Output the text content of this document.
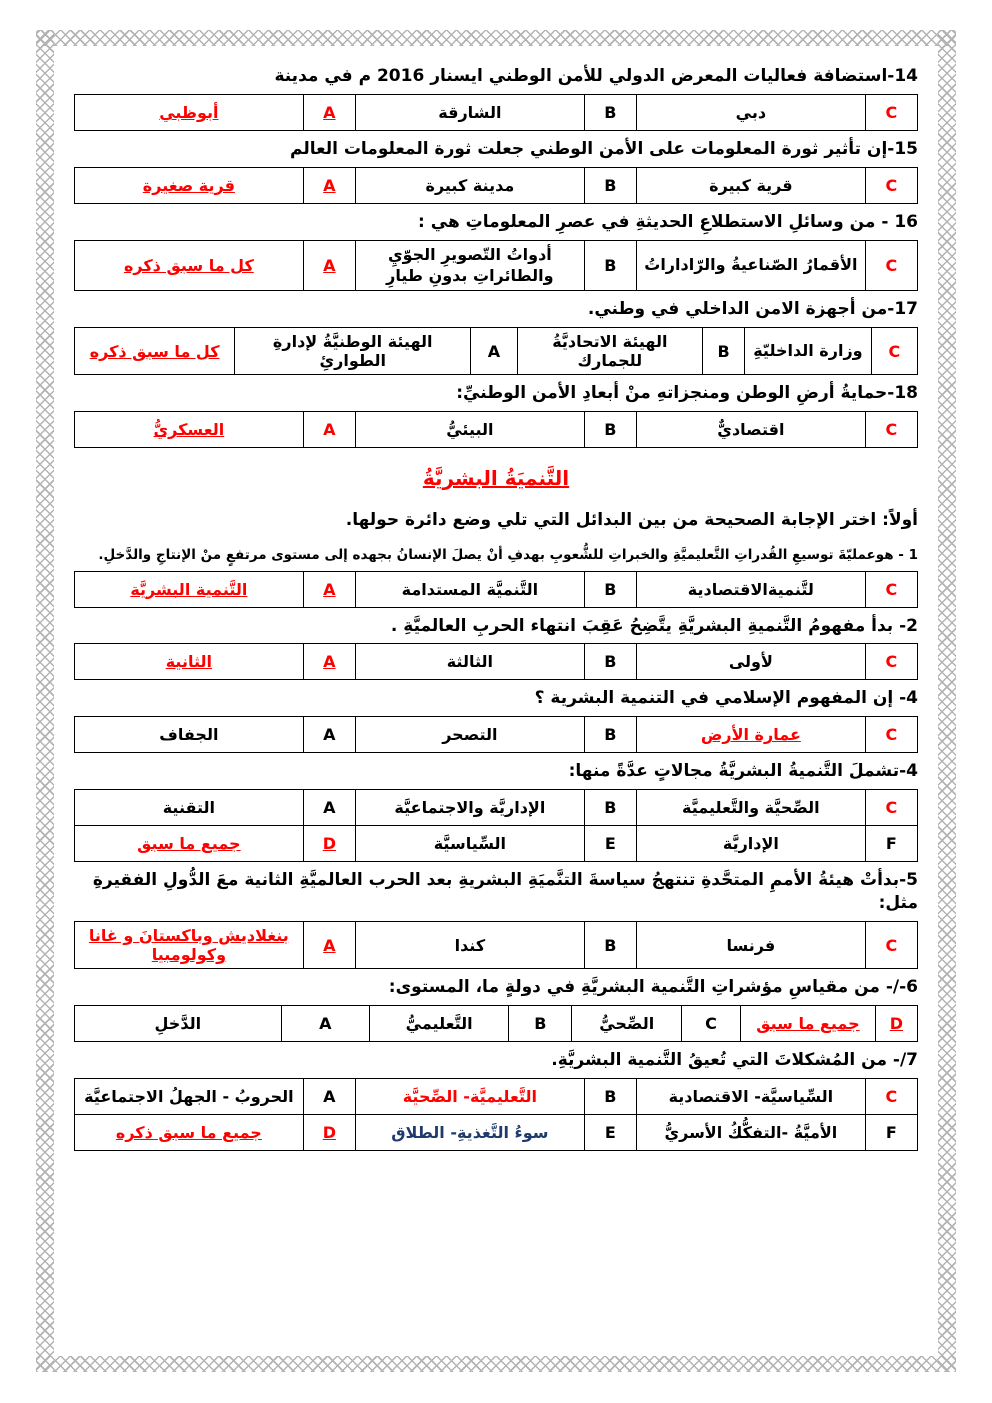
14-استضافة فعاليات المعرض الدولي للأمن الوطني ايسنار 2016 م في مدينة
C	دبي	B	الشارقة	A	أبوظبي
15-إن تأثير ثورة المعلومات على الأمن الوطني جعلت ثورة المعلومات العالم
C	قرية كبيرة	B	مدينة كبيرة	A	قرية صغيرة
16 - من وسائلِ الاستطلاعِ الحديثةِ في عصرِ المعلوماتِ هي :
C	الأقمارُ الصّناعيةُ والرّاداراتُ	B	أدواتُ التّصويرِ الجوّيِ والطائراتِ بدونِ طيارِ	A	كل ما سبق ذكره
17-من أجهزة الامن الداخلي في وطني.
C	وزارة الداخليّةِ	B	الهيئة الاتحاديَّةُ للجمارك	A	الهيئة الوطنيَّةُ لإدارةِ الطوارئِ	كل ما سبق ذكره
18-حمايةُ أرضِ الوطن ومنجزاتهِ منْ أبعادِ الأمن الوطنيِّ:
C	اقتصاديٌّ	B	البيئيُّ	A	العسكريُّ
التَّنميَةُ البشريَّةُ
أولاً: اختر الإجابة الصحيحة من بين البدائل التي تلي وضع دائرة حولها.
1 - هوعمليّةَ توسيعِ القُدراتِ التَّعليميَّةِ والخبراتِ للشُّعوبِ بهدفِ أنْ يصلَ الإنسانُ بجهده إلى مستوى مرتفعٍ منْ الإنتاجِ والدَّخلِ.
C	لتَّنميةالاقتصادية	B	التَّنميَّة المستدامة	A	التَّنمية البشريَّة
2- بدأ مفهومُ التَّنميةِ البشريَّةِ يتَّضِحُ عَقِبَ انتهاء الحربِ العالميَّةِ .
C	لأولى	B	الثالثة	A	الثانية
4- إن المفهوم الإسلامي في التنمية البشرية ؟
C	عمارة الأرض	B	التصحر	A	الجفاف
4-تشملَ التَّنميةُ البشريَّةُ مجالاتٍ عدَّةً منها:
C	الصِّحيَّة والتَّعليميَّة	B	الإداريَّة والاجتماعيَّة	A	التقنية
F	الإداريَّة	E	السِّياسيَّة	D	جميع ما سبق
5-بدأتْ هيئةُ الأممِ المتحَّدةِ تنتهجُ سياسةَ التنَّميَةِ البشريةِ بعد الحرب العالميَّةِ الثانية معَ الدُّولِ الفقيرةِ مثل:
C	فرنسا	B	كندا	A	بنغلاديش وباكستانَ و غانا وكولومبيا
6-/- من مقياسِ مؤشراتِ التَّنمية البشريَّةِ في دولةٍ ما، المستوى:
D	جميع ما سبق	C	الصِّحيُّ	B	التَّعليميُّ	A	الدَّخلِ
7/- من المُشكلاتَ التي تُعيقُ التَّنمية البشريَّةِ.
C	السِّياسيَّة- الاقتصادية	B	التَّعليميَّة- الصِّحيَّة	A	الحروبُ - الجهلُ الاجتماعيَّة
F	الأميَّةُ -التفكُّكُ الأسريُّ	E	سوءُ التَّغذيةِ- الطلاق	D	جميع ما سبق ذكره
